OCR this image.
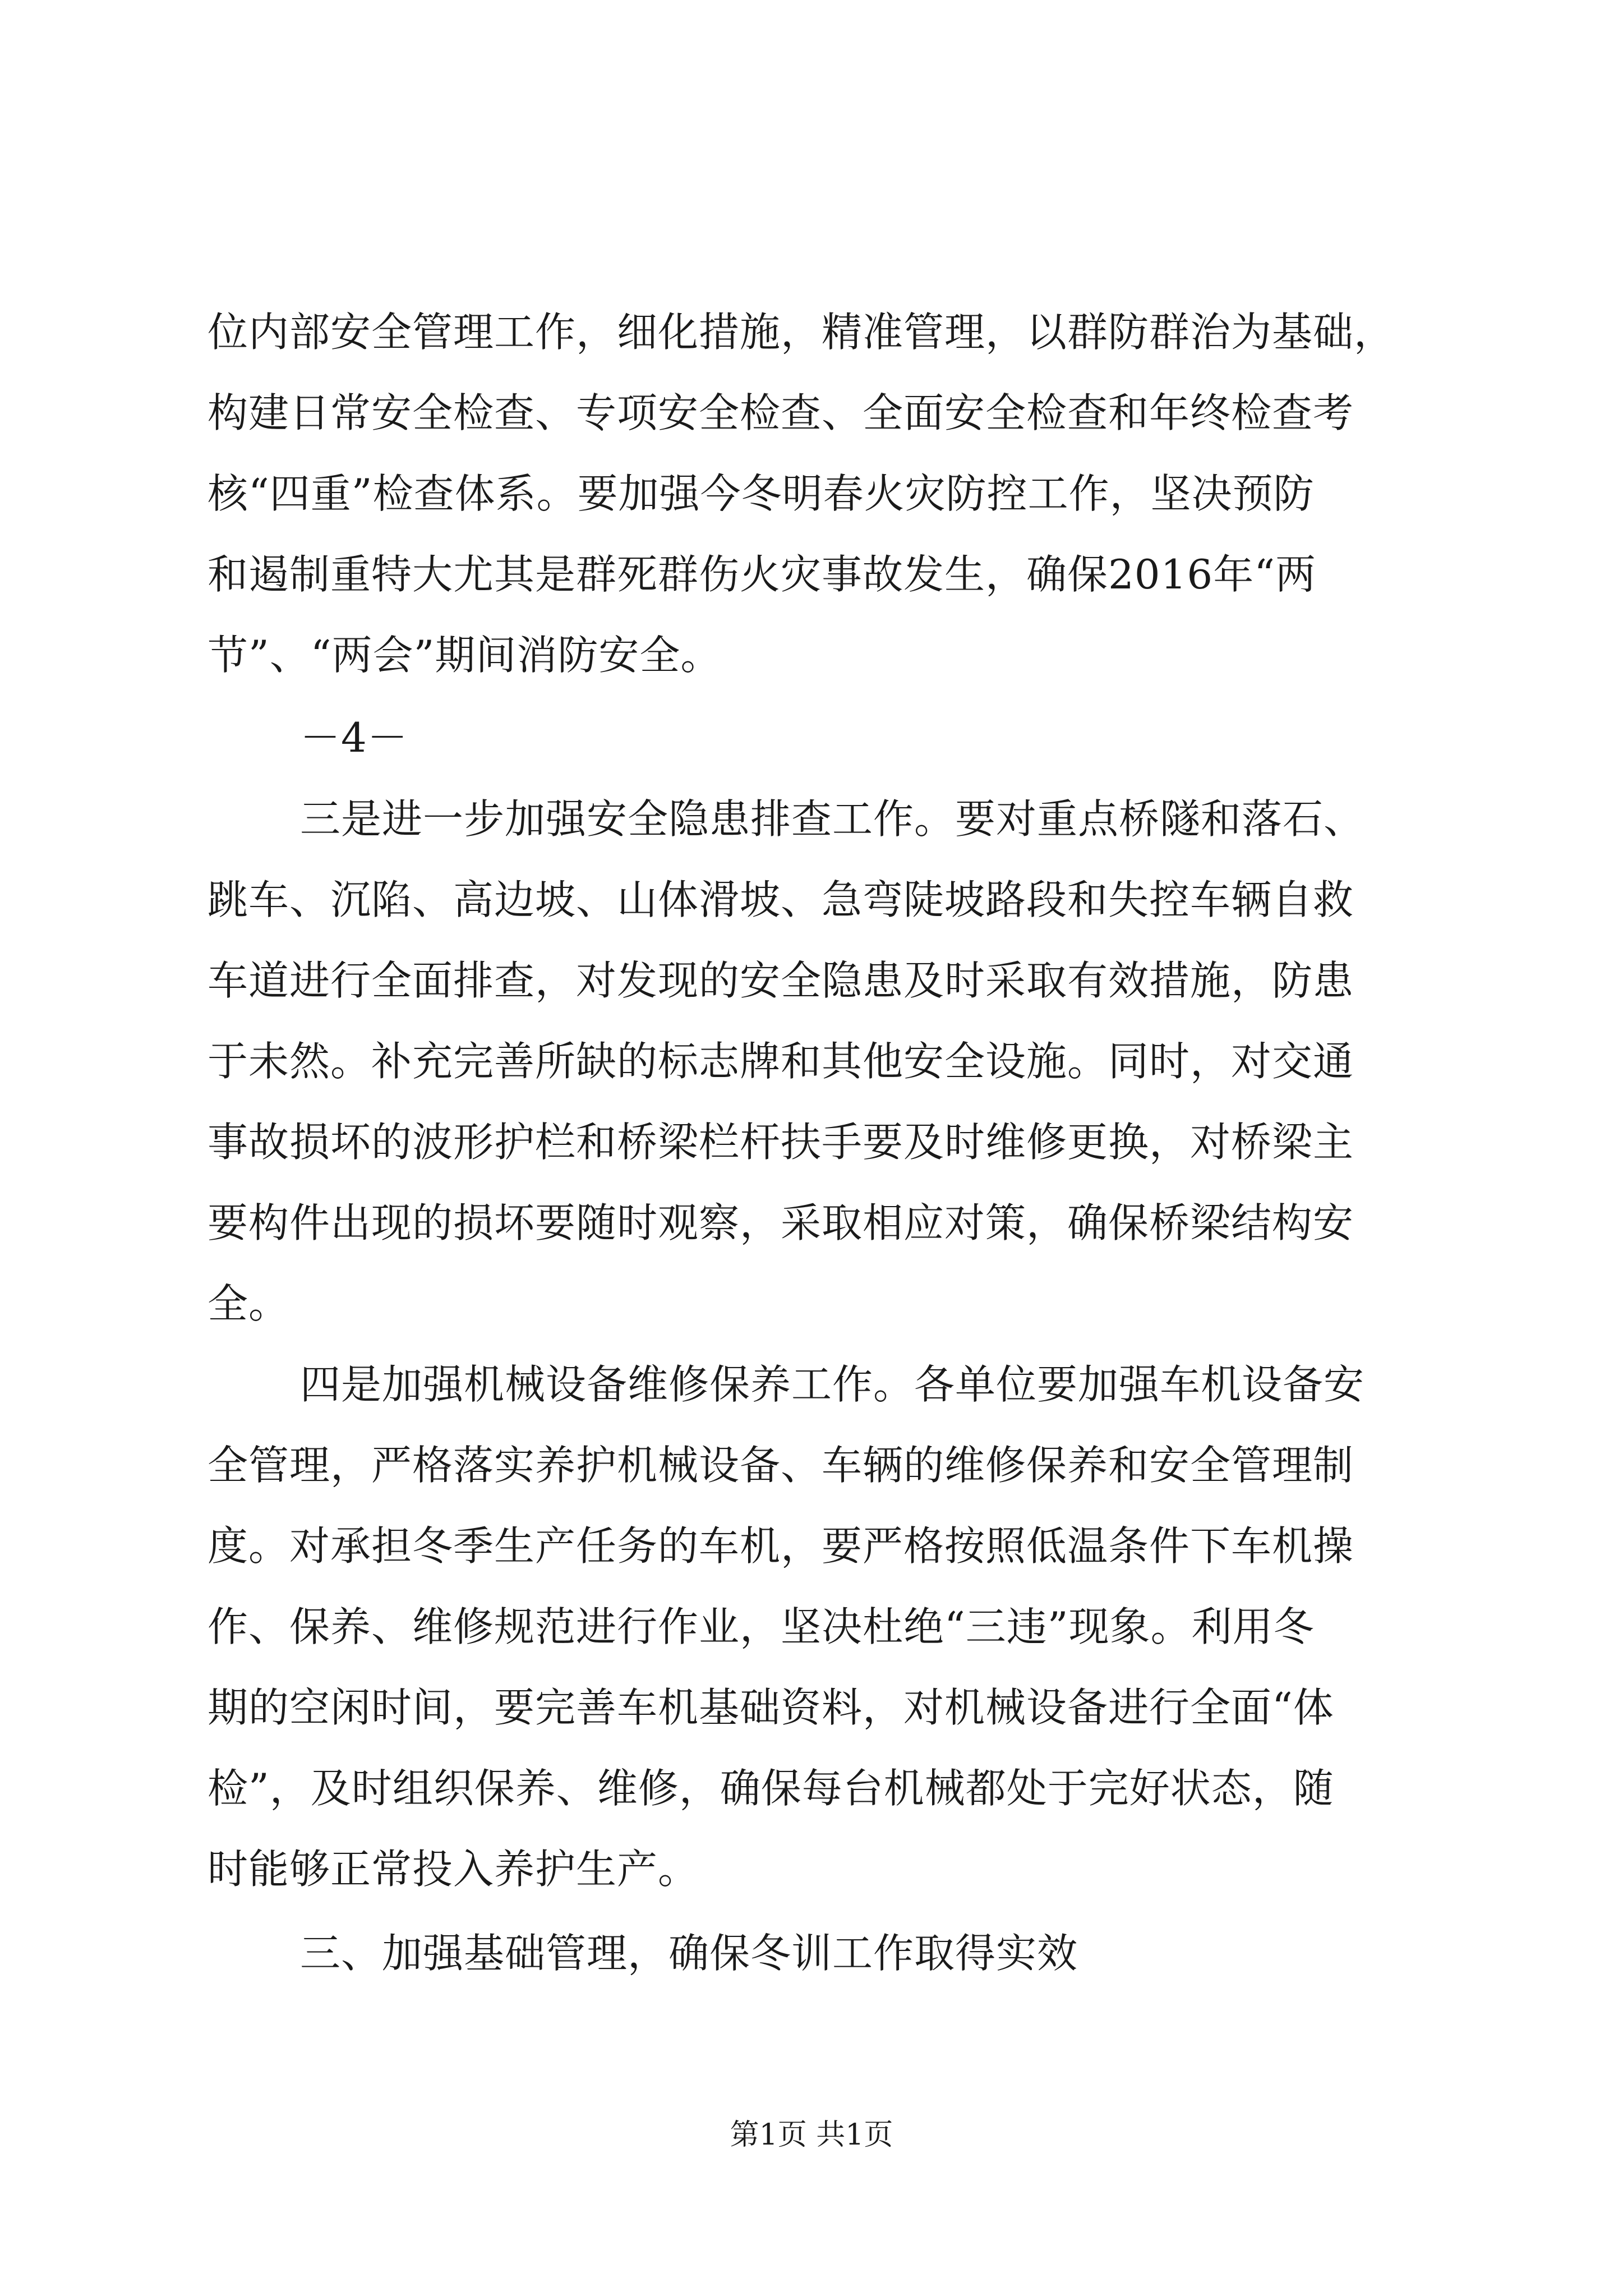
位内部安全管理工作，细化措施，精准管理，以群防群治为基础，
构建日常安全检查、专项安全检查、全面安全检查和年终检查考
核“四重”检查体系。要加强今冬明春火灾防控工作，坚决预防
和遏制重特大尤其是群死群伤火灾事故发生，确保2016年“两
节”、“两会”期间消防安全。
－4－
三是进一步加强安全隐患排查工作。要对重点桥隧和落石、
跳车、沉陷、高边坡、山体滑坡、急弯陡坡路段和失控车辆自救
车道进行全面排查，对发现的安全隐患及时采取有效措施，防患
于未然。补充完善所缺的标志牌和其他安全设施。同时，对交通
事故损坏的波形护栏和桥梁栏杆扶手要及时维修更换，对桥梁主
要构件出现的损坏要随时观察，采取相应对策，确保桥梁结构安
全。
四是加强机械设备维修保养工作。各单位要加强车机设备安
全管理，严格落实养护机械设备、车辆的维修保养和安全管理制
度。对承担冬季生产任务的车机，要严格按照低温条件下车机操
作、保养、维修规范进行作业，坚决杜绝“三违”现象。利用冬
期的空闲时间，要完善车机基础资料，对机械设备进行全面“体
检”，及时组织保养、维修，确保每台机械都处于完好状态，随
时能够正常投入养护生产。
三、加强基础管理，确保冬训工作取得实效
第1页 共1页
